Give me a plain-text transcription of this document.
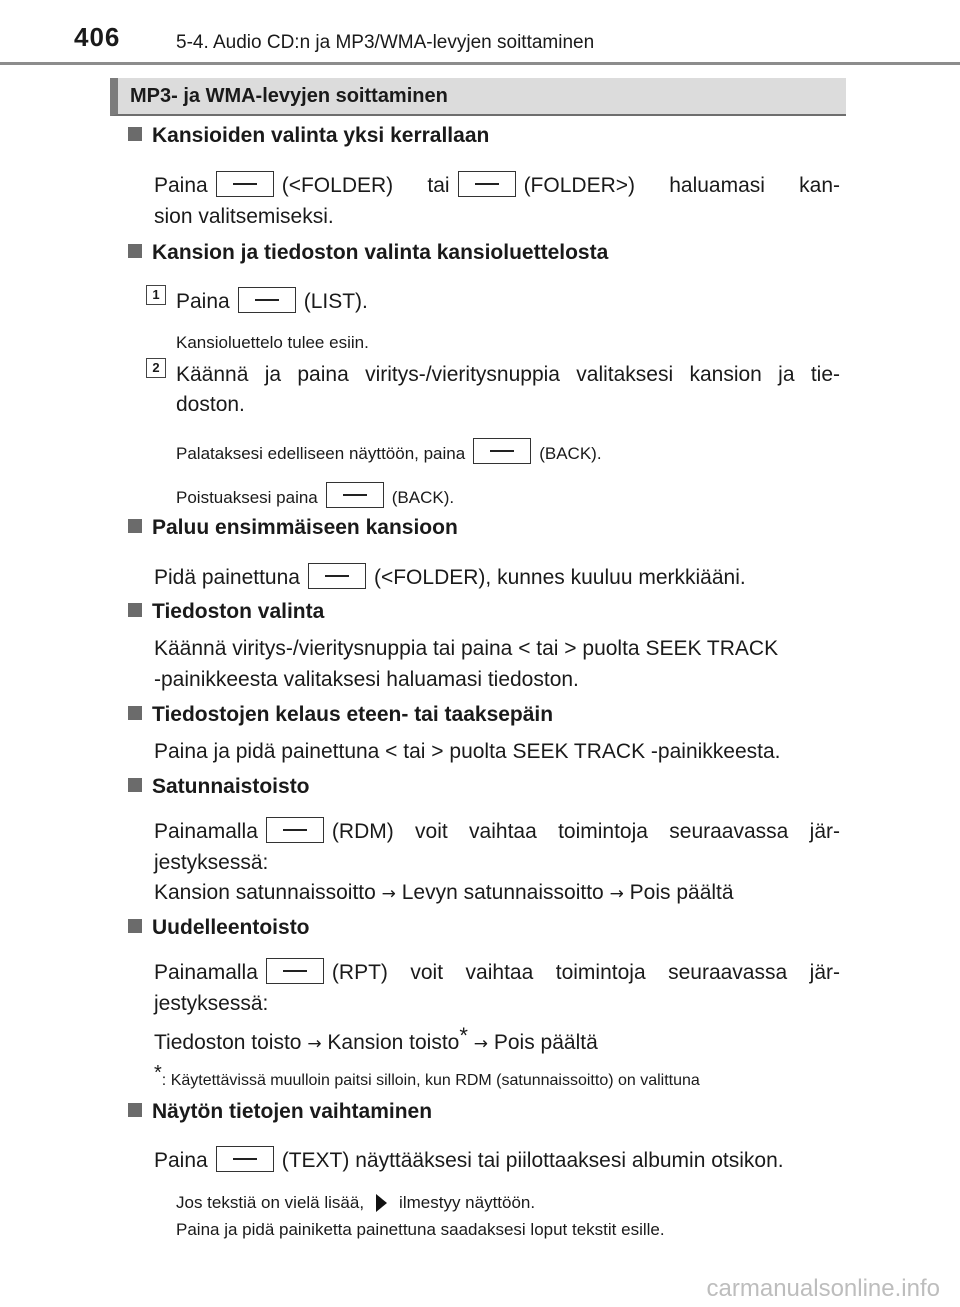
406	5-4. Audio CD:n ja MP3/WMA-levyjen soittaminen
MP3- ja WMA-levyjen soittaminen
Kansioiden valinta yksi kerrallaan
Paina	(<FOLDER) tai	(FOLDER>) haluamasi kan-
sion valitsemiseksi.
Kansion ja tiedoston valinta kansioluettelosta
1 Paina	(LIST).
Kansioluettelo tulee esiin.
2 Käännä ja paina viritys-/vieritysnuppia valitaksesi kansion ja tie-
doston.
Palataksesi edelliseen näyttöön, paina	(BACK).
Poistuaksesi paina	(BACK).
Paluu ensimmäiseen kansioon
Pidä painettuna	(<FOLDER), kunnes kuuluu merkkiääni.
Tiedoston valinta
Käännä viritys-/vieritysnuppia tai paina < tai > puolta SEEK TRACK
-painikkeesta valitaksesi haluamasi tiedoston.
Tiedostojen kelaus eteen- tai taaksepäin
Paina ja pidä painettuna < tai > puolta SEEK TRACK -painikkeesta.
Satunnaistoisto
Painamalla	(RDM) voit vaihtaa toimintoja seuraavassa jär-
jestyksessä:
Kansion satunnaissoitto → Levyn satunnaissoitto → Pois päältä
Uudelleentoisto
Painamalla	(RPT) voit vaihtaa toimintoja seuraavassa jär-
jestyksessä:
Tiedoston toisto → Kansion toisto* → Pois päältä
*: Käytettävissä muulloin paitsi silloin, kun RDM (satunnaissoitto) on valittuna
Näytön tietojen vaihtaminen
Paina	(TEXT) näyttääksesi tai piilottaaksesi albumin otsikon.
Jos tekstiä on vielä lisää, ilmestyy näyttöön.
Paina ja pidä painiketta painettuna saadaksesi loput tekstit esille.
carmanualsonline.info
